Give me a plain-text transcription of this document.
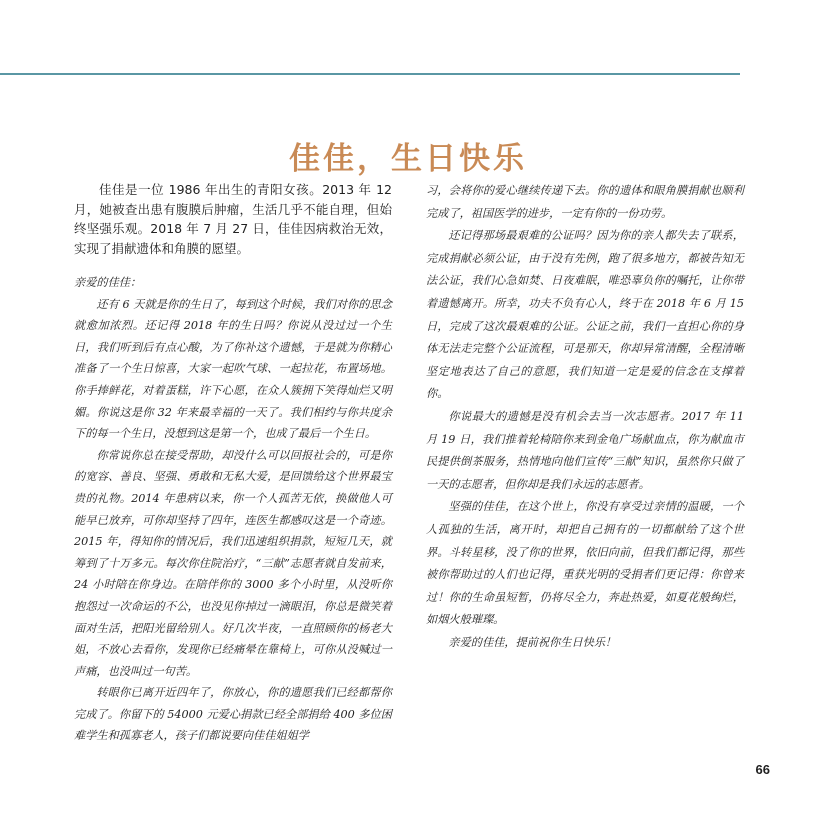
佳佳，生日快乐

佳佳是一位 1986 年出生的青阳女孩。2013 年 12 月，她被查出患有腹膜后肿瘤，生活几乎不能自理，但始终坚强乐观。2018 年 7 月 27 日，佳佳因病救治无效，实现了捐献遗体和角膜的愿望。

亲爱的佳佳：

还有 6 天就是你的生日了，每到这个时候，我们对你的思念就愈加浓烈。还记得 2018 年的生日吗？你说从没过过一个生日，我们听到后有点心酸，为了你补这个遗憾，于是就为你精心准备了一个生日惊喜，大家一起吹气球、一起拉花，布置场地。你手捧鲜花，对着蛋糕，许下心愿，在众人簇拥下笑得灿烂又明媚。你说这是你 32 年来最幸福的一天了。我们相约与你共度余下的每一个生日，没想到这是第一个，也成了最后一个生日。

你常说你总在接受帮助，却没什么可以回报社会的，可是你的宽容、善良、坚强、勇敢和无私大爱，是回馈给这个世界最宝贵的礼物。2014 年患病以来，你一个人孤苦无依，换做他人可能早已放弃，可你却坚持了四年，连医生都感叹这是一个奇迹。2015 年，得知你的情况后，我们迅速组织捐款，短短几天，就筹到了十万多元。每次你住院治疗，“三献”志愿者就自发前来，24 小时陪在你身边。在陪伴你的 3000 多个小时里，从没听你抱怨过一次命运的不公，也没见你掉过一滴眼泪，你总是微笑着面对生活，把阳光留给别人。好几次半夜，一直照顾你的杨老大姐，不放心去看你，发现你已经痛晕在靠椅上，可你从没喊过一声痛，也没叫过一句苦。

转眼你已离开近四年了，你放心，你的遗愿我们已经都帮你完成了。你留下的 54000 元爱心捐款已经全部捐给 400 多位困难学生和孤寡老人，孩子们都说要向佳佳姐姐学

习，会将你的爱心继续传递下去。你的遗体和眼角膜捐献也顺利完成了，祖国医学的进步，一定有你的一份功劳。

还记得那场最艰难的公证吗？因为你的亲人都失去了联系，完成捐献必须公证，由于没有先例，跑了很多地方，都被告知无法公证，我们心急如焚、日夜难眠，唯恐辜负你的嘱托，让你带着遗憾离开。所幸，功夫不负有心人，终于在 2018 年 6 月 15 日，完成了这次最艰难的公证。公证之前，我们一直担心你的身体无法走完整个公证流程，可是那天，你却异常清醒，全程清晰坚定地表达了自己的意愿，我们知道一定是爱的信念在支撑着你。

你说最大的遗憾是没有机会去当一次志愿者。2017 年 11 月 19 日，我们推着轮椅陪你来到金龟广场献血点，你为献血市民提供倒茶服务，热情地向他们宣传“三献”知识，虽然你只做了一天的志愿者，但你却是我们永远的志愿者。

坚强的佳佳，在这个世上，你没有享受过亲情的温暖，一个人孤独的生活，离开时，却把自己拥有的一切都献给了这个世界。斗转星移，没了你的世界，依旧向前，但我们都记得，那些被你帮助过的人们也记得，重获光明的受捐者们更记得：你曾来过！你的生命虽短暂，仍将尽全力，奔赴热爱，如夏花般绚烂，如烟火般璀璨。

亲爱的佳佳，提前祝你生日快乐！

66
